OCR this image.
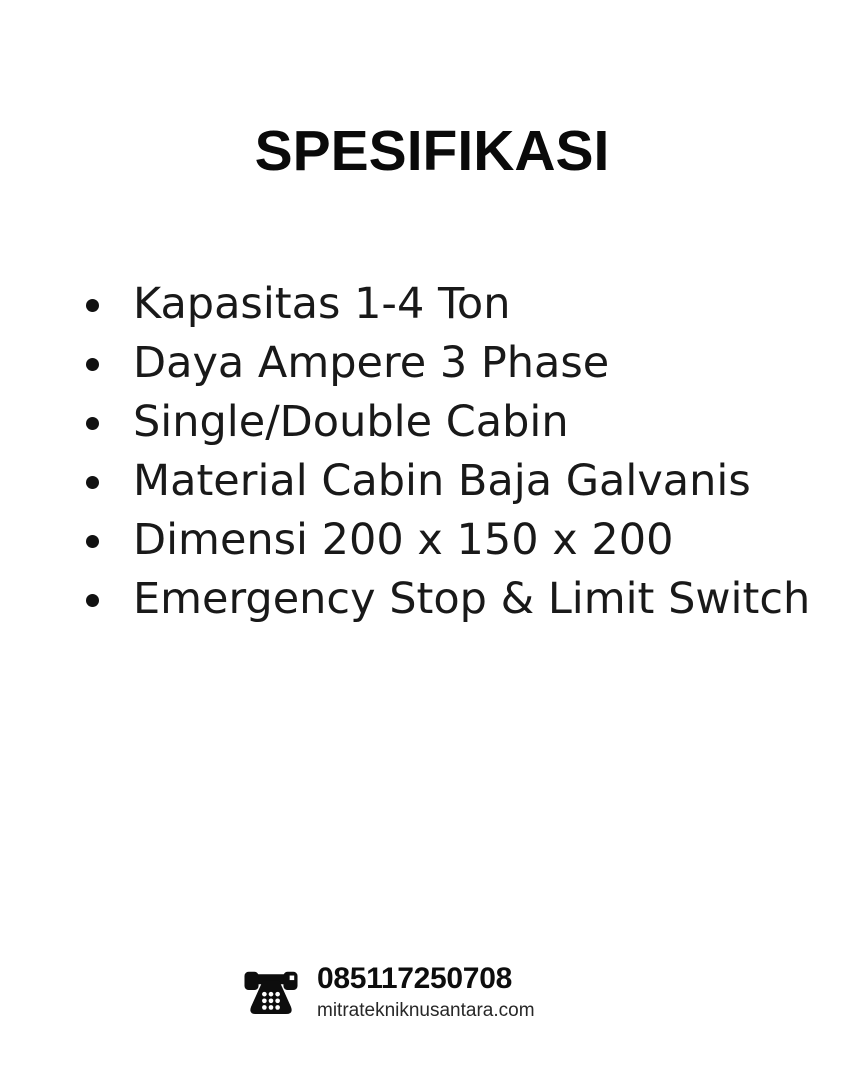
SPESIFIKASI
Kapasitas 1-4 Ton
Daya Ampere 3 Phase
Single/Double Cabin
Material Cabin Baja Galvanis
Dimensi 200 x 150 x 200
Emergency Stop & Limit Switch
085117250708
mitratekniknusantara.com
